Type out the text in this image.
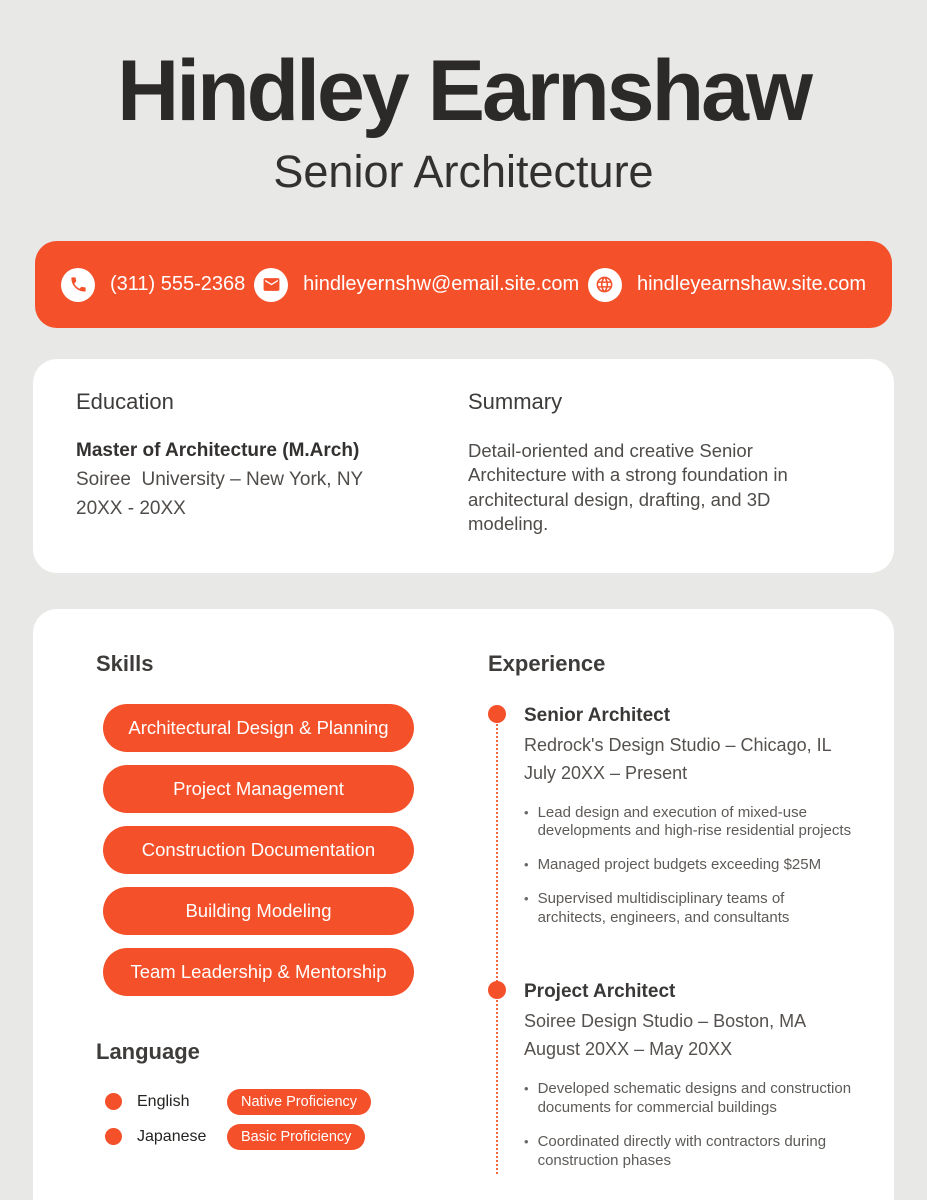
Hindley Earnshaw
Senior Architecture
(311) 555-2368	hindleyernshw@email.site.com	hindleyearnshaw.site.com
Education
Master of Architecture (M.Arch)
Soiree  University – New York, NY
20XX - 20XX
Summary
Detail-oriented and creative Senior Architecture with a strong foundation in architectural design, drafting, and 3D modeling.
Skills
Architectural Design & Planning
Project Management
Construction Documentation
Building Modeling
Team Leadership & Mentorship
Language
English	Native Proficiency
Japanese	Basic Proficiency
Experience
Senior Architect
Redrock's Design Studio – Chicago, IL
July 20XX – Present
• Lead design and execution of mixed-use developments and high-rise residential projects
• Managed project budgets exceeding $25M
• Supervised multidisciplinary teams of architects, engineers, and consultants
Project Architect
Soiree Design Studio – Boston, MA
August 20XX – May 20XX
• Developed schematic designs and construction documents for commercial buildings
• Coordinated directly with contractors during construction phases
